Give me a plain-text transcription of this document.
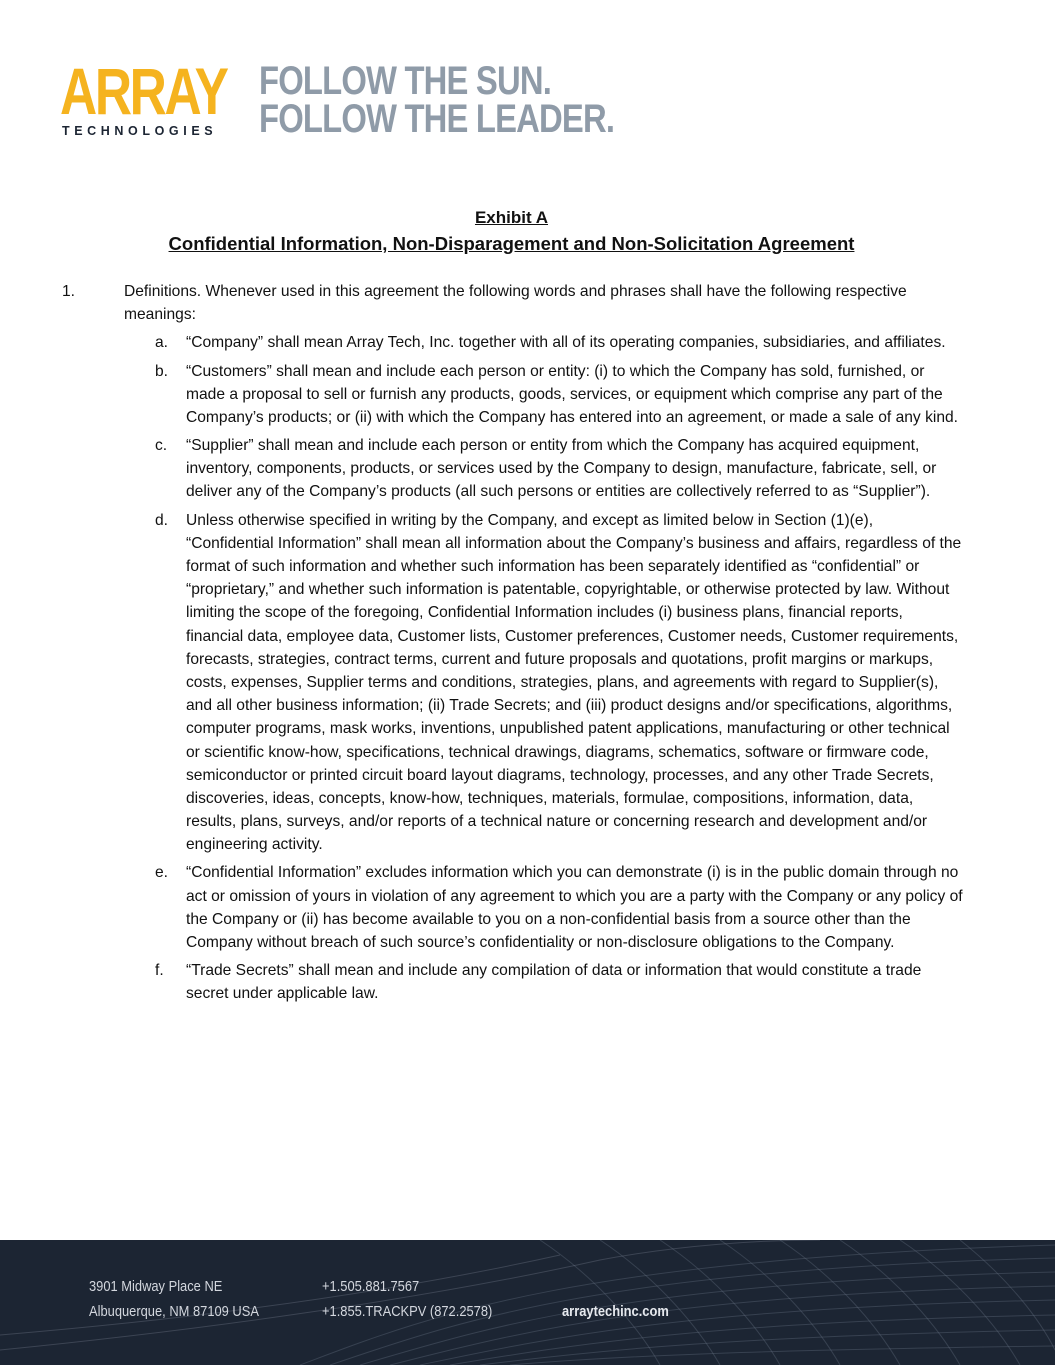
ARRAY
TECHNOLOGIES
FOLLOW THE SUN.
FOLLOW THE LEADER.
Exhibit A
Confidential Information, Non-Disparagement and Non-Solicitation Agreement
1.	Definitions. Whenever used in this agreement the following words and phrases shall have the following respective meanings:
a. “Company” shall mean Array Tech, Inc. together with all of its operating companies, subsidiaries, and affiliates.
b. “Customers” shall mean and include each person or entity: (i) to which the Company has sold, furnished, or made a proposal to sell or furnish any products, goods, services, or equipment which comprise any part of the Company’s products; or (ii) with which the Company has entered into an agreement, or made a sale of any kind.
c. “Supplier” shall mean and include each person or entity from which the Company has acquired equipment, inventory, components, products, or services used by the Company to design, manufacture, fabricate, sell, or deliver any of the Company’s products (all such persons or entities are collectively referred to as “Supplier”).
d. Unless otherwise specified in writing by the Company, and except as limited below in Section (1)(e), “Confidential Information” shall mean all information about the Company’s business and affairs, regardless of the format of such information and whether such information has been separately identified as “confidential” or “proprietary,” and whether such information is patentable, copyrightable, or otherwise protected by law. Without limiting the scope of the foregoing, Confidential Information includes (i) business plans, financial reports, financial data, employee data, Customer lists, Customer preferences, Customer needs, Customer requirements, forecasts, strategies, contract terms, current and future proposals and quotations, profit margins or markups, costs, expenses, Supplier terms and conditions, strategies, plans, and agreements with regard to Supplier(s), and all other business information; (ii) Trade Secrets; and (iii) product designs and/or specifications, algorithms, computer programs, mask works, inventions, unpublished patent applications, manufacturing or other technical or scientific know-how, specifications, technical drawings, diagrams, schematics, software or firmware code, semiconductor or printed circuit board layout diagrams, technology, processes, and any other Trade Secrets, discoveries, ideas, concepts, know-how, techniques, materials, formulae, compositions, information, data, results, plans, surveys, and/or reports of a technical nature or concerning research and development and/or engineering activity.
e. “Confidential Information” excludes information which you can demonstrate (i) is in the public domain through no act or omission of yours in violation of any agreement to which you are a party with the Company or any policy of the Company or (ii) has become available to you on a non-confidential basis from a source other than the Company without breach of such source’s confidentiality or non-disclosure obligations to the Company.
f. “Trade Secrets” shall mean and include any compilation of data or information that would constitute a trade secret under applicable law.
3901 Midway Place NE
Albuquerque, NM 87109 USA
+1.505.881.7567
+1.855.TRACKPV (872.2578)	arraytechinc.com
